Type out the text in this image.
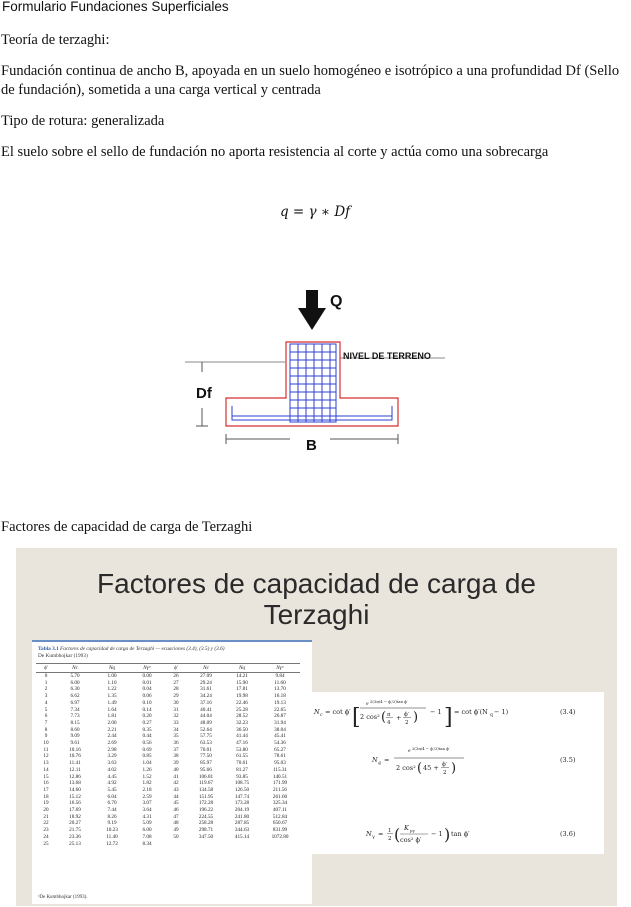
Formulario Fundaciones Superficiales
Teoría de terzaghi:
Fundación continua de ancho B, apoyada en un suelo homogéneo e isotrópico a una profundidad Df (Sello de fundación), sometida a una carga vertical y centrada
Tipo de rotura: generalizada
El suelo sobre el sello de fundación no aporta resistencia al corte y actúa como una sobrecarga
q = γ ∗ Df
Q
NIVEL DE TERRENO
Df
B
Factores de capacidad de carga de Terzaghi
Factores de capacidad de carga de
Terzaghi
Tabla 3.1 Factores de capacidad de carga de Terzaghi — ecuaciones (3.4), (3.5) y (3.6)
De Kumbhojkar (1993)
ϕ'	Nc	Nq	Nγᵃ	ϕ'	Nc	Nq	Nγᵃ
0	5.70	1.00	0.00	26	27.09	14.21	9.84
1	6.00	1.10	0.01	27	29.24	15.90	11.60
2	6.30	1.22	0.04	28	31.61	17.81	13.70
3	6.62	1.35	0.06	29	34.24	19.98	16.18
4	6.97	1.49	0.10	30	37.16	22.46	19.13
5	7.34	1.64	0.14	31	40.41	25.28	22.65
6	7.73	1.81	0.20	32	44.04	28.52	26.87
7	8.15	2.00	0.27	33	48.09	32.23	31.94
8	8.60	2.21	0.35	34	52.64	36.50	38.04
9	9.09	2.44	0.44	35	57.75	41.44	45.41
10	9.61	2.69	0.56	36	63.53	47.16	54.36
11	10.16	2.98	0.69	37	70.01	53.80	65.27
12	10.76	3.29	0.85	38	77.50	61.55	78.61
13	11.41	3.63	1.04	39	85.97	70.61	95.03
14	12.11	4.02	1.26	40	95.66	81.27	115.31
15	12.86	4.45	1.52	41	106.81	93.85	140.51
16	13.68	4.92	1.82	42	119.67	108.75	171.99
17	14.60	5.45	2.18	43	134.58	126.50	211.56
18	15.12	6.04	2.59	44	151.95	147.74	261.60
19	16.56	6.70	3.07	45	172.28	173.28	325.34
20	17.69	7.44	3.64	46	196.22	204.19	407.11
21	18.92	8.26	4.31	47	224.55	241.80	512.84
22	20.27	9.19	5.09	48	258.28	287.85	650.67
23	21.75	10.23	6.00	49	298.71	344.63	831.99
24	23.36	11.40	7.08	50	347.50	415.14	1072.80
25	25.13	12.72	8.34				
ᵃDe Kumbhojkar (1993).
N c = cot ϕ′ [
e
2(3π/4 − ϕ′/2)tan ϕ′
2 cos² ( π
4
+ ϕ′
2 ) − 1 ] = cot ϕ′(N q − 1)	(3.4)
N q =
e
2(3π/4 − ϕ′/2)tan ϕ′
2 cos² ( 45 + ϕ′
2 )
(3.5)
N γ = 1
2 ( K pγ
cos² ϕ′
− 1 ) tan ϕ′	(3.6)
